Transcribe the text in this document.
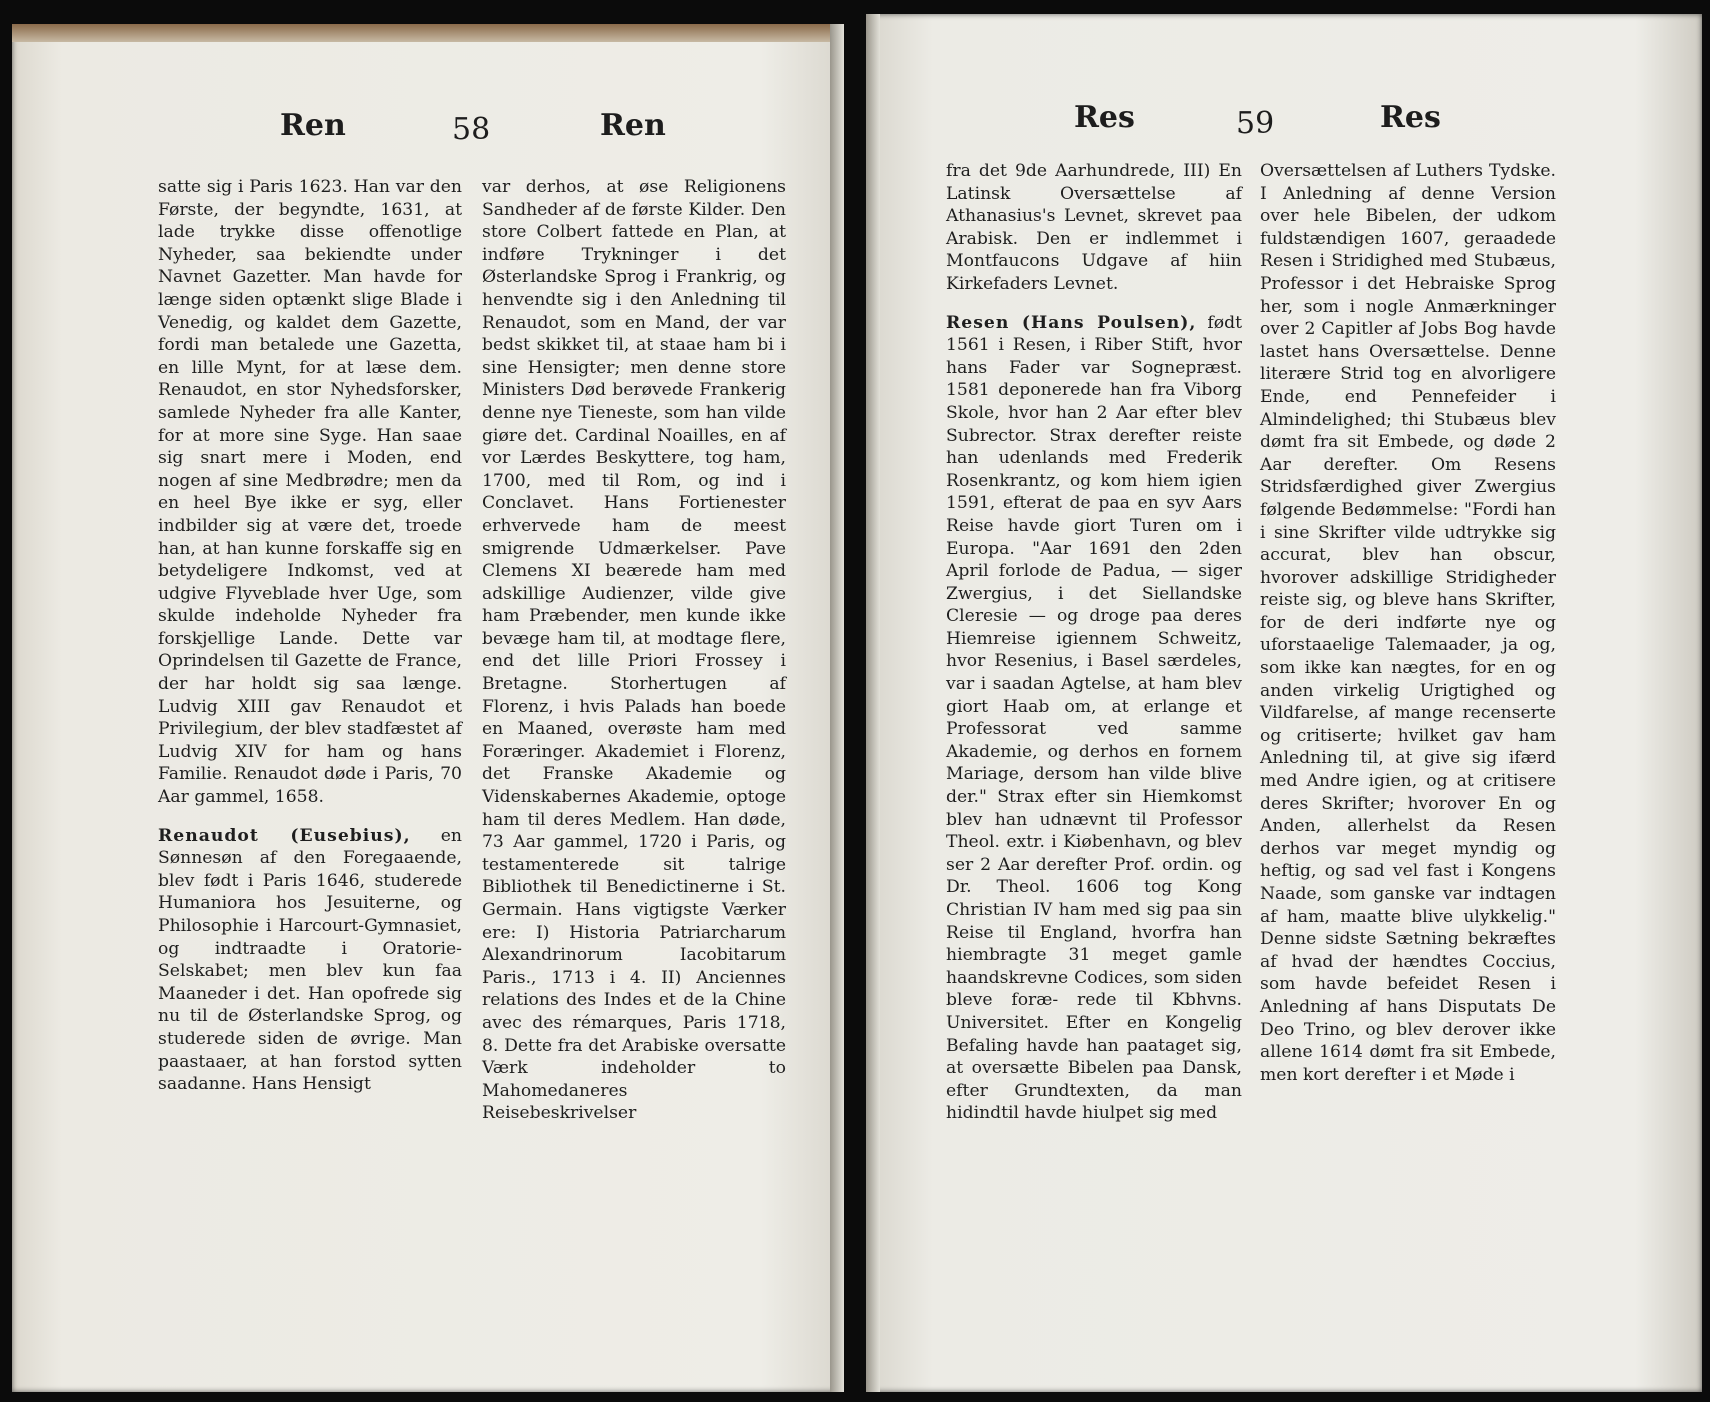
Ren	58	Ren

satte sig i Paris 1623. Han var den Første, der begyndte, 1631, at lade trykke disse offenotlige Nyheder, saa bekiendte under Navnet Gazetter. Man havde for længe siden optænkt slige Blade i Venedig, og kaldet dem Gazette, fordi man betalede une Gazetta, en lille Mynt, for at læse dem. Renaudot, en stor Nyhedsforsker, samlede Nyheder fra alle Kanter, for at more sine Syge. Han saae sig snart mere i Moden, end nogen af sine Medbrødre; men da en heel Bye ikke er syg, eller indbilder sig at være det, troede han, at han kunne forskaffe sig en betydeligere Indkomst, ved at udgive Flyveblade hver Uge, som skulde indeholde Nyheder fra forskjellige Lande. Dette var Oprindelsen til Gazette de France, der har holdt sig saa længe. Ludvig XIII gav Renaudot et Privilegium, der blev stadfæstet af Ludvig XIV for ham og hans Familie. Renaudot døde i Paris, 70 Aar gammel, 1658.

Renaudot (Eusebius), en Sønnesøn af den Foregaaende, blev født i Paris 1646, studerede Humaniora hos Jesuiterne, og Philosophie i Harcourt-Gymnasiet, og indtraadte i Oratorie-Selskabet; men blev kun faa Maaneder i det. Han opofrede sig nu til de Østerlandske Sprog, og studerede siden de øvrige. Man paastaaer, at han forstod sytten saadanne. Hans Hensigt

var derhos, at øse Religionens Sandheder af de første Kilder. Den store Colbert fattede en Plan, at indføre Trykninger i det Østerlandske Sprog i Frankrig, og henvendte sig i den Anledning til Renaudot, som en Mand, der var bedst skikket til, at staae ham bi i sine Hensigter; men denne store Ministers Død berøvede Frankerig denne nye Tieneste, som han vilde giøre det. Cardinal Noailles, en af vor Lærdes Beskyttere, tog ham, 1700, med til Rom, og ind i Conclavet. Hans Fortienester erhvervede ham de meest smigrende Udmærkelser. Pave Clemens XI beærede ham med adskillige Audienzer, vilde give ham Præbender, men kunde ikke bevæge ham til, at modtage flere, end det lille Priori Frossey i Bretagne. Storhertugen af Florenz, i hvis Palads han boede en Maaned, overøste ham med Foræringer. Akademiet i Florenz, det Franske Akademie og Videnskabernes Akademie, optoge ham til deres Medlem. Han døde, 73 Aar gammel, 1720 i Paris, og testamenterede sit talrige Bibliothek til Benedictinerne i St. Germain. Hans vigtigste Værker ere: I) Historia Patriarcharum Alexandrinorum Iacobitarum Paris., 1713 i 4. II) Anciennes relations des Indes et de la Chine avec des rémarques, Paris 1718, 8. Dette fra det Arabiske oversatte Værk indeholder to Mahomedaneres Reisebeskrivelser

Res	59	Res

fra det 9de Aarhundrede, III) En Latinsk Oversættelse af Athanasius's Levnet, skrevet paa Arabisk. Den er indlemmet i Montfaucons Udgave af hiin Kirkefaders Levnet.

Resen (Hans Poulsen), født 1561 i Resen, i Riber Stift, hvor hans Fader var Sognepræst. 1581 deponerede han fra Viborg Skole, hvor han 2 Aar efter blev Subrector. Strax derefter reiste han udenlands med Frederik Rosenkrantz, og kom hiem igien 1591, efterat de paa en syv Aars Reise havde giort Turen om i Europa. "Aar 1691 den 2den April forlode de Padua, — siger Zwergius, i det Siellandske Cleresie — og droge paa deres Hiemreise igiennem Schweitz, hvor Resenius, i Basel særdeles, var i saadan Agtelse, at ham blev giort Haab om, at erlange et Professorat ved samme Akademie, og derhos en fornem Mariage, dersom han vilde blive der." Strax efter sin Hiemkomst blev han udnævnt til Professor Theol. extr. i Kiøbenhavn, og blev ser 2 Aar derefter Prof. ordin. og Dr. Theol. 1606 tog Kong Christian IV ham med sig paa sin Reise til England, hvorfra han hiembragte 31 meget gamle haandskrevne Codices, som siden bleve foræ- rede til Kbhvns. Universitet. Efter en Kongelig Befaling havde han paataget sig, at oversætte Bibelen paa Dansk, efter Grundtexten, da man hidindtil havde hiulpet sig med

Oversættelsen af Luthers Tydske. I Anledning af denne Version over hele Bibelen, der udkom fuldstændigen 1607, geraadede Resen i Stridighed med Stubæus, Professor i det Hebraiske Sprog her, som i nogle Anmærkninger over 2 Capitler af Jobs Bog havde lastet hans Oversættelse. Denne literære Strid tog en alvorligere Ende, end Pennefeider i Almindelighed; thi Stubæus blev dømt fra sit Embede, og døde 2 Aar derefter. Om Resens Stridsfærdighed giver Zwergius følgende Bedømmelse: "Fordi han i sine Skrifter vilde udtrykke sig accurat, blev han obscur, hvorover adskillige Stridigheder reiste sig, og bleve hans Skrifter, for de deri indførte nye og uforstaaelige Talemaader, ja og, som ikke kan nægtes, for en og anden virkelig Urigtighed og Vildfarelse, af mange recenserte og critiserte; hvilket gav ham Anledning til, at give sig ifærd med Andre igien, og at critisere deres Skrifter; hvorover En og Anden, allerhelst da Resen derhos var meget myndig og heftig, og sad vel fast i Kongens Naade, som ganske var indtagen af ham, maatte blive ulykkelig." Denne sidste Sætning bekræftes af hvad der hændtes Coccius, som havde befeidet Resen i Anledning af hans Disputats De Deo Trino, og blev derover ikke allene 1614 dømt fra sit Embede, men kort derefter i et Møde i
